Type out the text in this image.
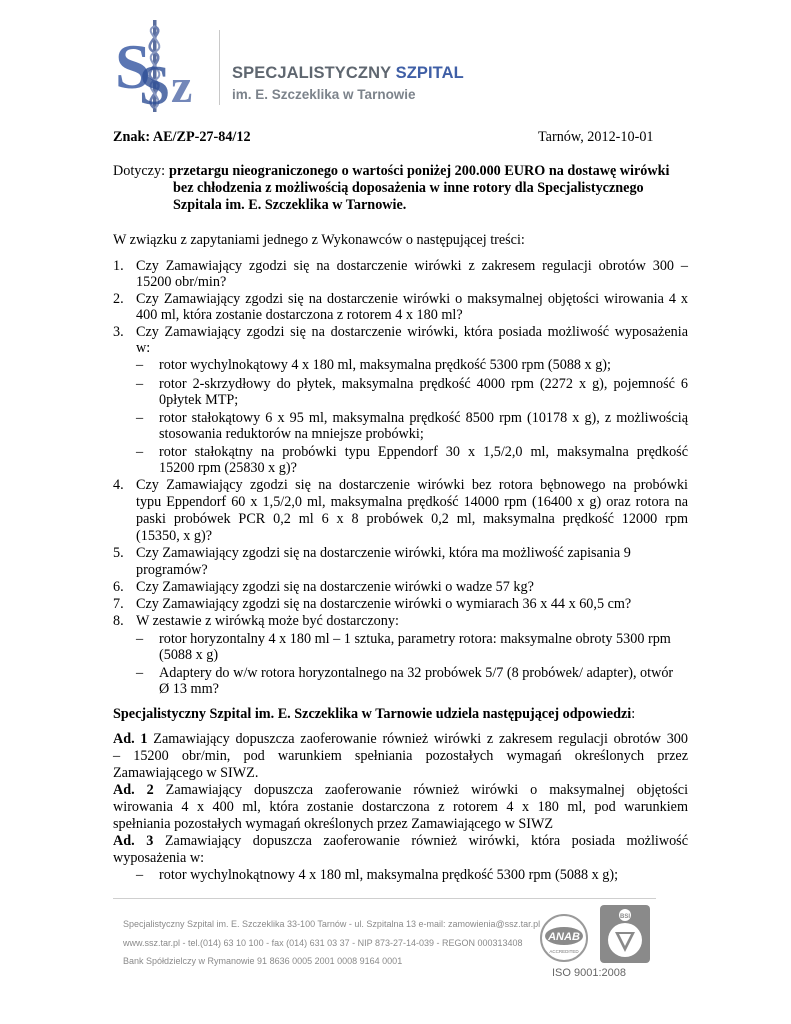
S
S z SPECJALISTYCZNY SZPITAL
im. E. Szczeklika w Tarnowie
Znak: AE/ZP-27-84/12	Tarnów, 2012-10-01
Dotyczy: przetargu nieograniczonego o wartości poniżej 200.000 EURO na dostawę wirówki
bez chłodzenia z możliwością doposażenia w inne rotory dla Specjalistycznego
Szpitala im. E. Szczeklika w Tarnowie.
W związku z zapytaniami jednego z Wykonawców o następującej treści:
1. Czy Zamawiający zgodzi się na dostarczenie wirówki z zakresem regulacji obrotów 300 –
15200 obr/min?
2. Czy Zamawiający zgodzi się na dostarczenie wirówki o maksymalnej objętości wirowania 4 x
400 ml, która zostanie dostarczona z rotorem 4 x 180 ml?
3. Czy Zamawiający zgodzi się na dostarczenie wirówki, która posiada możliwość wyposażenia
w:
– rotor wychylnokątowy 4 x 180 ml, maksymalna prędkość 5300 rpm (5088 x g);
– rotor 2-skrzydłowy do płytek, maksymalna prędkość 4000 rpm (2272 x g), pojemność 6
0płytek MTP;
– rotor stałokątowy 6 x 95 ml, maksymalna prędkość 8500 rpm (10178 x g), z możliwością
stosowania reduktorów na mniejsze probówki;
– rotor stałokątny na probówki typu Eppendorf 30 x 1,5/2,0 ml, maksymalna prędkość
15200 rpm (25830 x g)?
4. Czy Zamawiający zgodzi się na dostarczenie wirówki bez rotora bębnowego na probówki
typu Eppendorf 60 x 1,5/2,0 ml, maksymalna prędkość 14000 rpm (16400 x g) oraz rotora na
paski probówek PCR 0,2 ml 6 x 8 probówek 0,2 ml, maksymalna prędkość 12000 rpm
(15350, x g)?
5. Czy Zamawiający zgodzi się na dostarczenie wirówki, która ma możliwość zapisania 9
programów?
6. Czy Zamawiający zgodzi się na dostarczenie wirówki o wadze 57 kg?
7. Czy Zamawiający zgodzi się na dostarczenie wirówki o wymiarach 36 x 44 x 60,5 cm?
8. W zestawie z wirówką może być dostarczony:
– rotor horyzontalny 4 x 180 ml – 1 sztuka, parametry rotora: maksymalne obroty 5300 rpm
(5088 x g)
– Adaptery do w/w rotora horyzontalnego na 32 probówek 5/7 (8 probówek/ adapter), otwór
Ø 13 mm?
Specjalistyczny Szpital im. E. Szczeklika w Tarnowie udziela następującej odpowiedzi:
Ad. 1 Zamawiający dopuszcza zaoferowanie również wirówki z zakresem regulacji obrotów 300
– 15200 obr/min, pod warunkiem spełniania pozostałych wymagań określonych przez
Zamawiającego w SIWZ.
Ad. 2 Zamawiający dopuszcza zaoferowanie również wirówki o maksymalnej objętości
wirowania 4 x 400 ml, która zostanie dostarczona z rotorem 4 x 180 ml, pod warunkiem
spełniania pozostałych wymagań określonych przez Zamawiającego w SIWZ
Ad. 3 Zamawiający dopuszcza zaoferowanie również wirówki, która posiada możliwość
wyposażenia w:
– rotor wychylnokątnowy 4 x 180 ml, maksymalna prędkość 5300 rpm (5088 x g);
Specjalistyczny Szpital im. E. Szczeklika 33-100 Tarnów - ul. Szpitalna 13 e-mail: zamowienia@ssz.tar.pl
www.ssz.tar.pl - tel.(014) 63 10 100 - fax (014) 631 03 37 - NIP 873-27-14-039 - REGON 000313408
Bank Spółdzielczy w Rymanowie 91 8636 0005 2001 0008 9164 0001
ANAB
ACCREDITED
BSI
ISO 9001:2008
